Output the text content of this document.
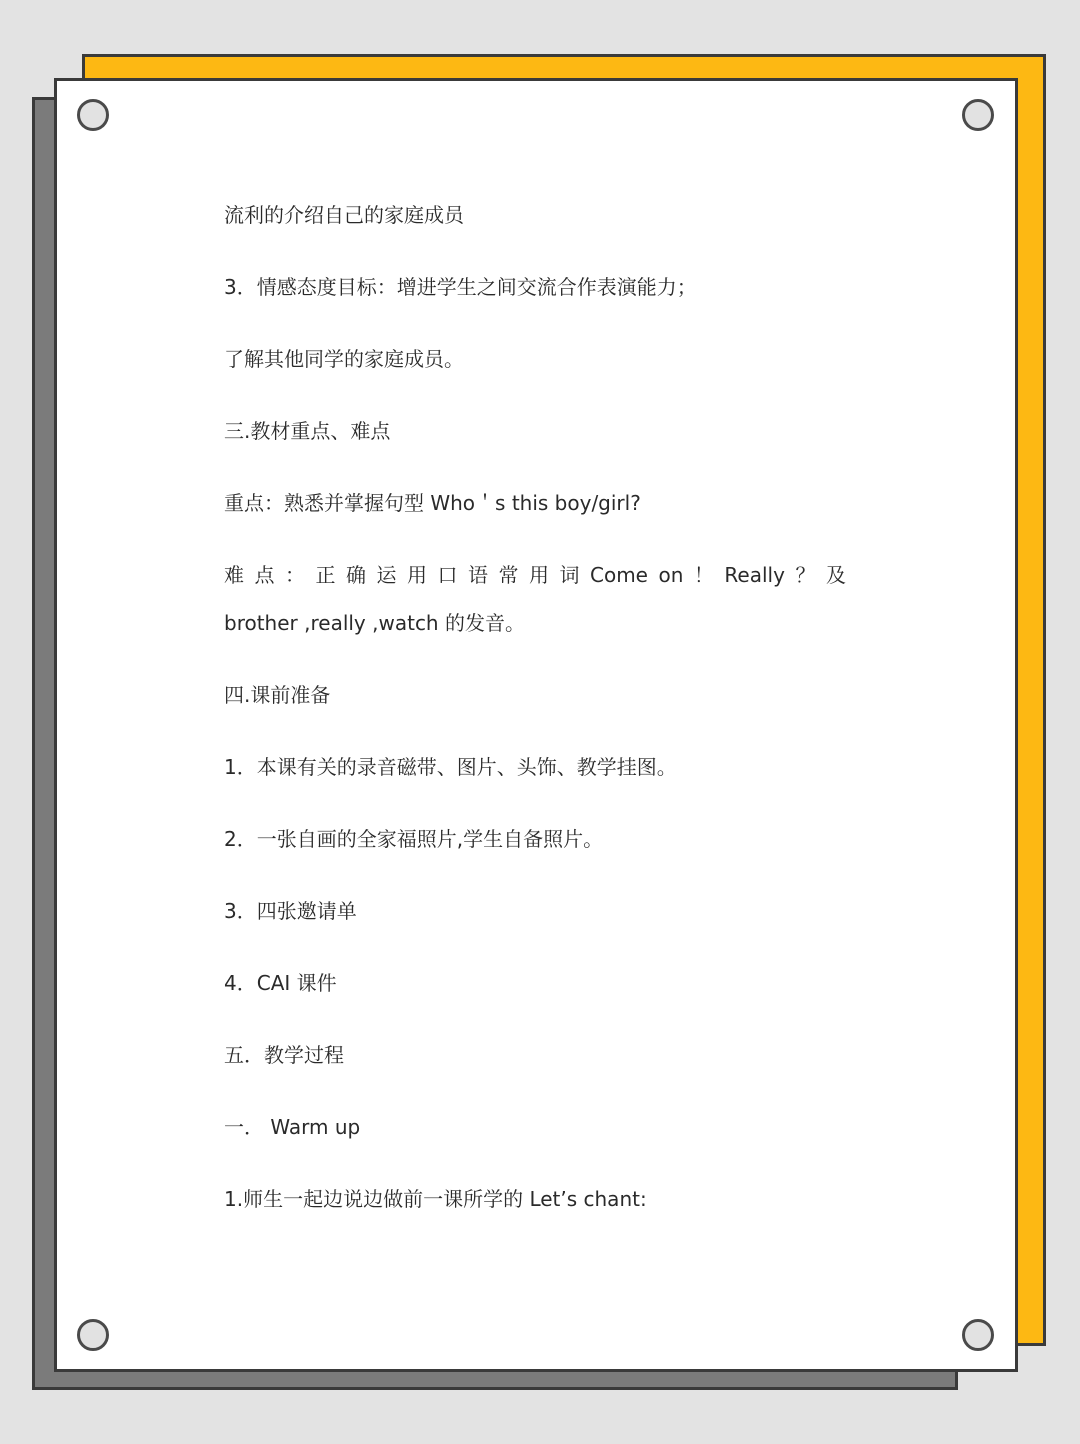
流利的介绍自己的家庭成员
3．情感态度目标：增进学生之间交流合作表演能力；
了解其他同学的家庭成员。
三.教材重点、难点
重点：熟悉并掌握句型 Who＇s this boy/girl?
难 点 ： 正 确 运 用 口 语 常 用 词 Come on ！ Really ？ 及
brother ,really ,watch 的发音。
四.课前准备
1．本课有关的录音磁带、图片、头饰、教学挂图。
2．一张自画的全家福照片,学生自备照片。
3．四张邀请单
4．CAI 课件
五．教学过程
一． Warm up
1.师生一起边说边做前一课所学的 Let’s chant:
